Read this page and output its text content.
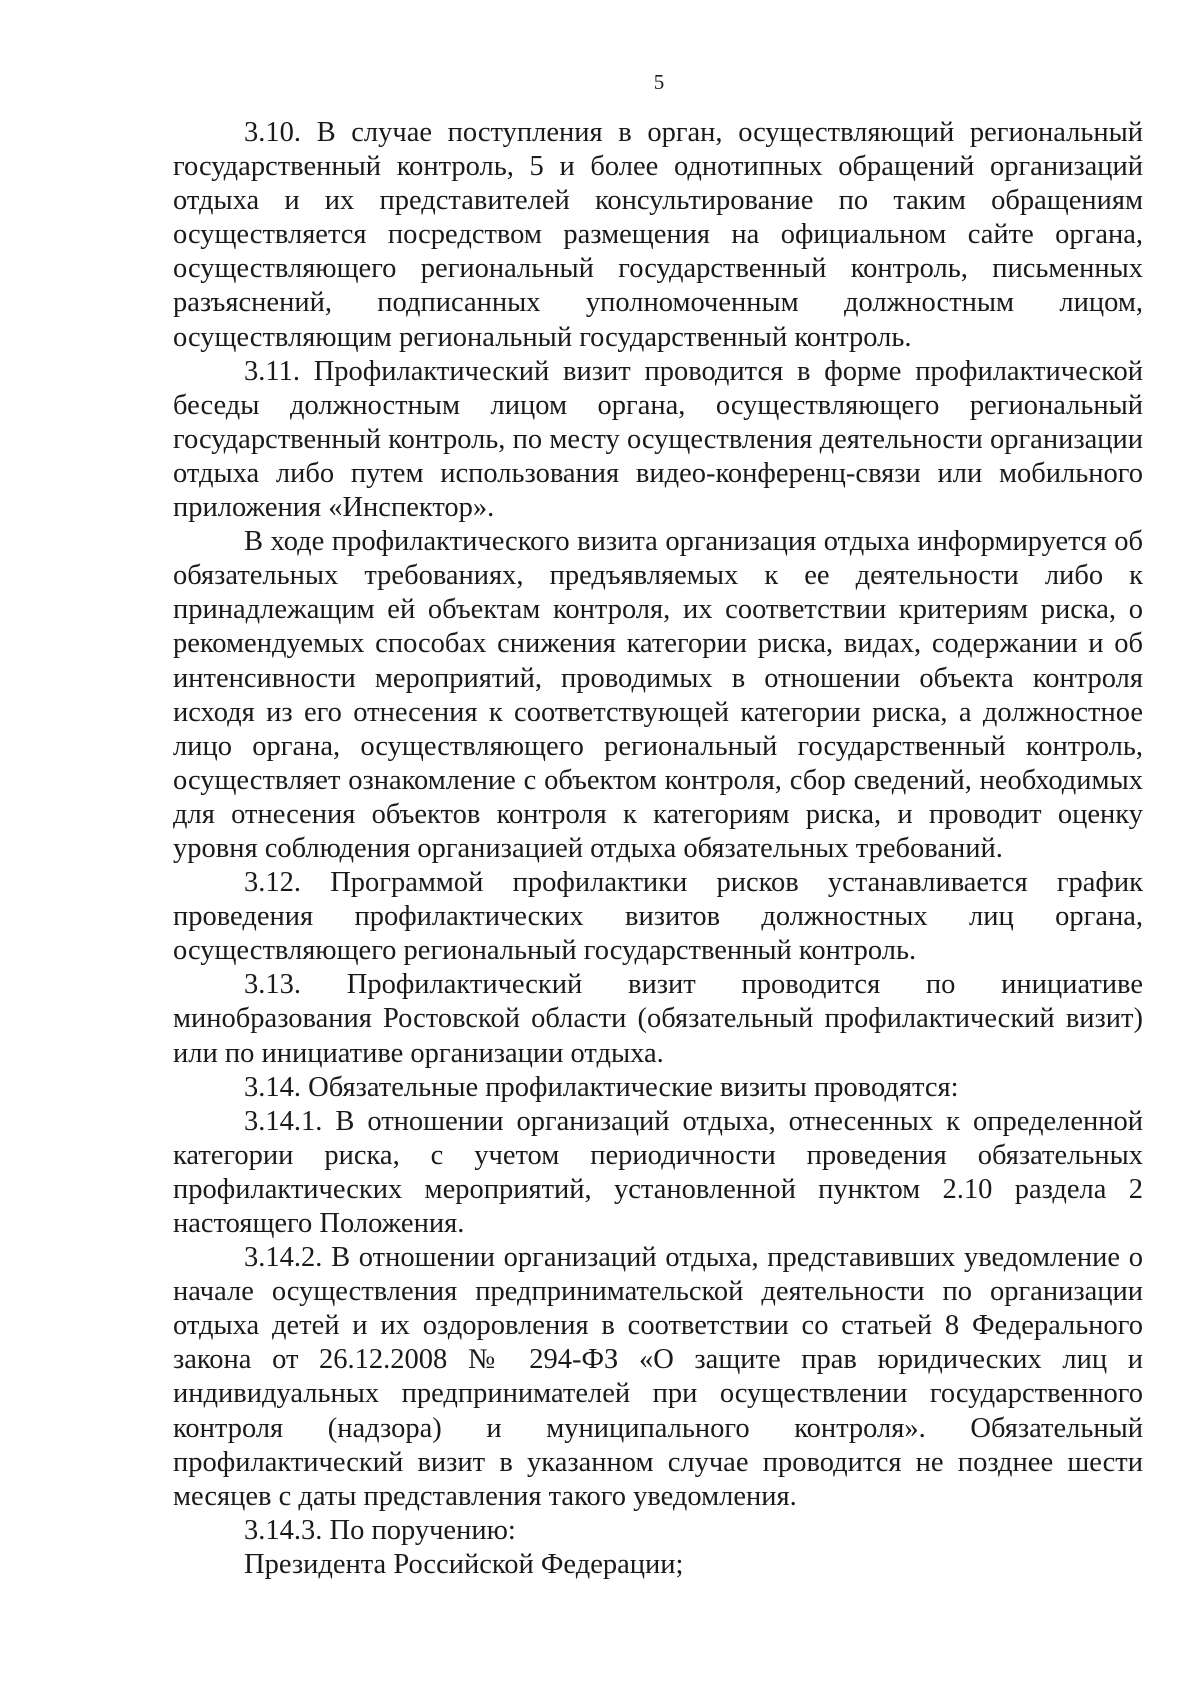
5

3.10. В случае поступления в орган, осуществляющий региональный государственный контроль, 5 и более однотипных обращений организаций отдыха и их представителей консультирование по таким обращениям осуществляется посредством размещения на официальном сайте органа, осуществляющего региональный государственный контроль, письменных разъяснений, подписанных уполномоченным должностным лицом, осуществляющим региональный государственный контроль.

3.11. Профилактический визит проводится в форме профилактической беседы должностным лицом органа, осуществляющего региональный государственный контроль, по месту осуществления деятельности организации отдыха либо путем использования видео-конференц-связи или мобильного приложения «Инспектор».

В ходе профилактического визита организация отдыха информируется об обязательных требованиях, предъявляемых к ее деятельности либо к принадлежащим ей объектам контроля, их соответствии критериям риска, о рекомендуемых способах снижения категории риска, видах, содержании и об интенсивности мероприятий, проводимых в отношении объекта контроля исходя из его отнесения к соответствующей категории риска, а должностное лицо органа, осуществляющего региональный государственный контроль, осуществляет ознакомление с объектом контроля, сбор сведений, необходимых для отнесения объектов контроля к категориям риска, и проводит оценку уровня соблюдения организацией отдыха обязательных требований.

3.12. Программой профилактики рисков устанавливается график проведения профилактических визитов должностных лиц органа, осуществляющего региональный государственный контроль.

3.13. Профилактический визит проводится по инициативе минобразования Ростовской области (обязательный профилактический визит) или по инициативе организации отдыха.

3.14. Обязательные профилактические визиты проводятся:

3.14.1. В отношении организаций отдыха, отнесенных к определенной категории риска, с учетом периодичности проведения обязательных профилактических мероприятий, установленной пунктом 2.10 раздела 2 настоящего Положения.

3.14.2. В отношении организаций отдыха, представивших уведомление о начале осуществления предпринимательской деятельности по организации отдыха детей и их оздоровления в соответствии со статьей 8 Федерального закона от 26.12.2008 № 294-ФЗ «О защите прав юридических лиц и индивидуальных предпринимателей при осуществлении государственного контроля (надзора) и муниципального контроля». Обязательный профилактический визит в указанном случае проводится не позднее шести месяцев с даты представления такого уведомления.

3.14.3. По поручению:

Президента Российской Федерации;
